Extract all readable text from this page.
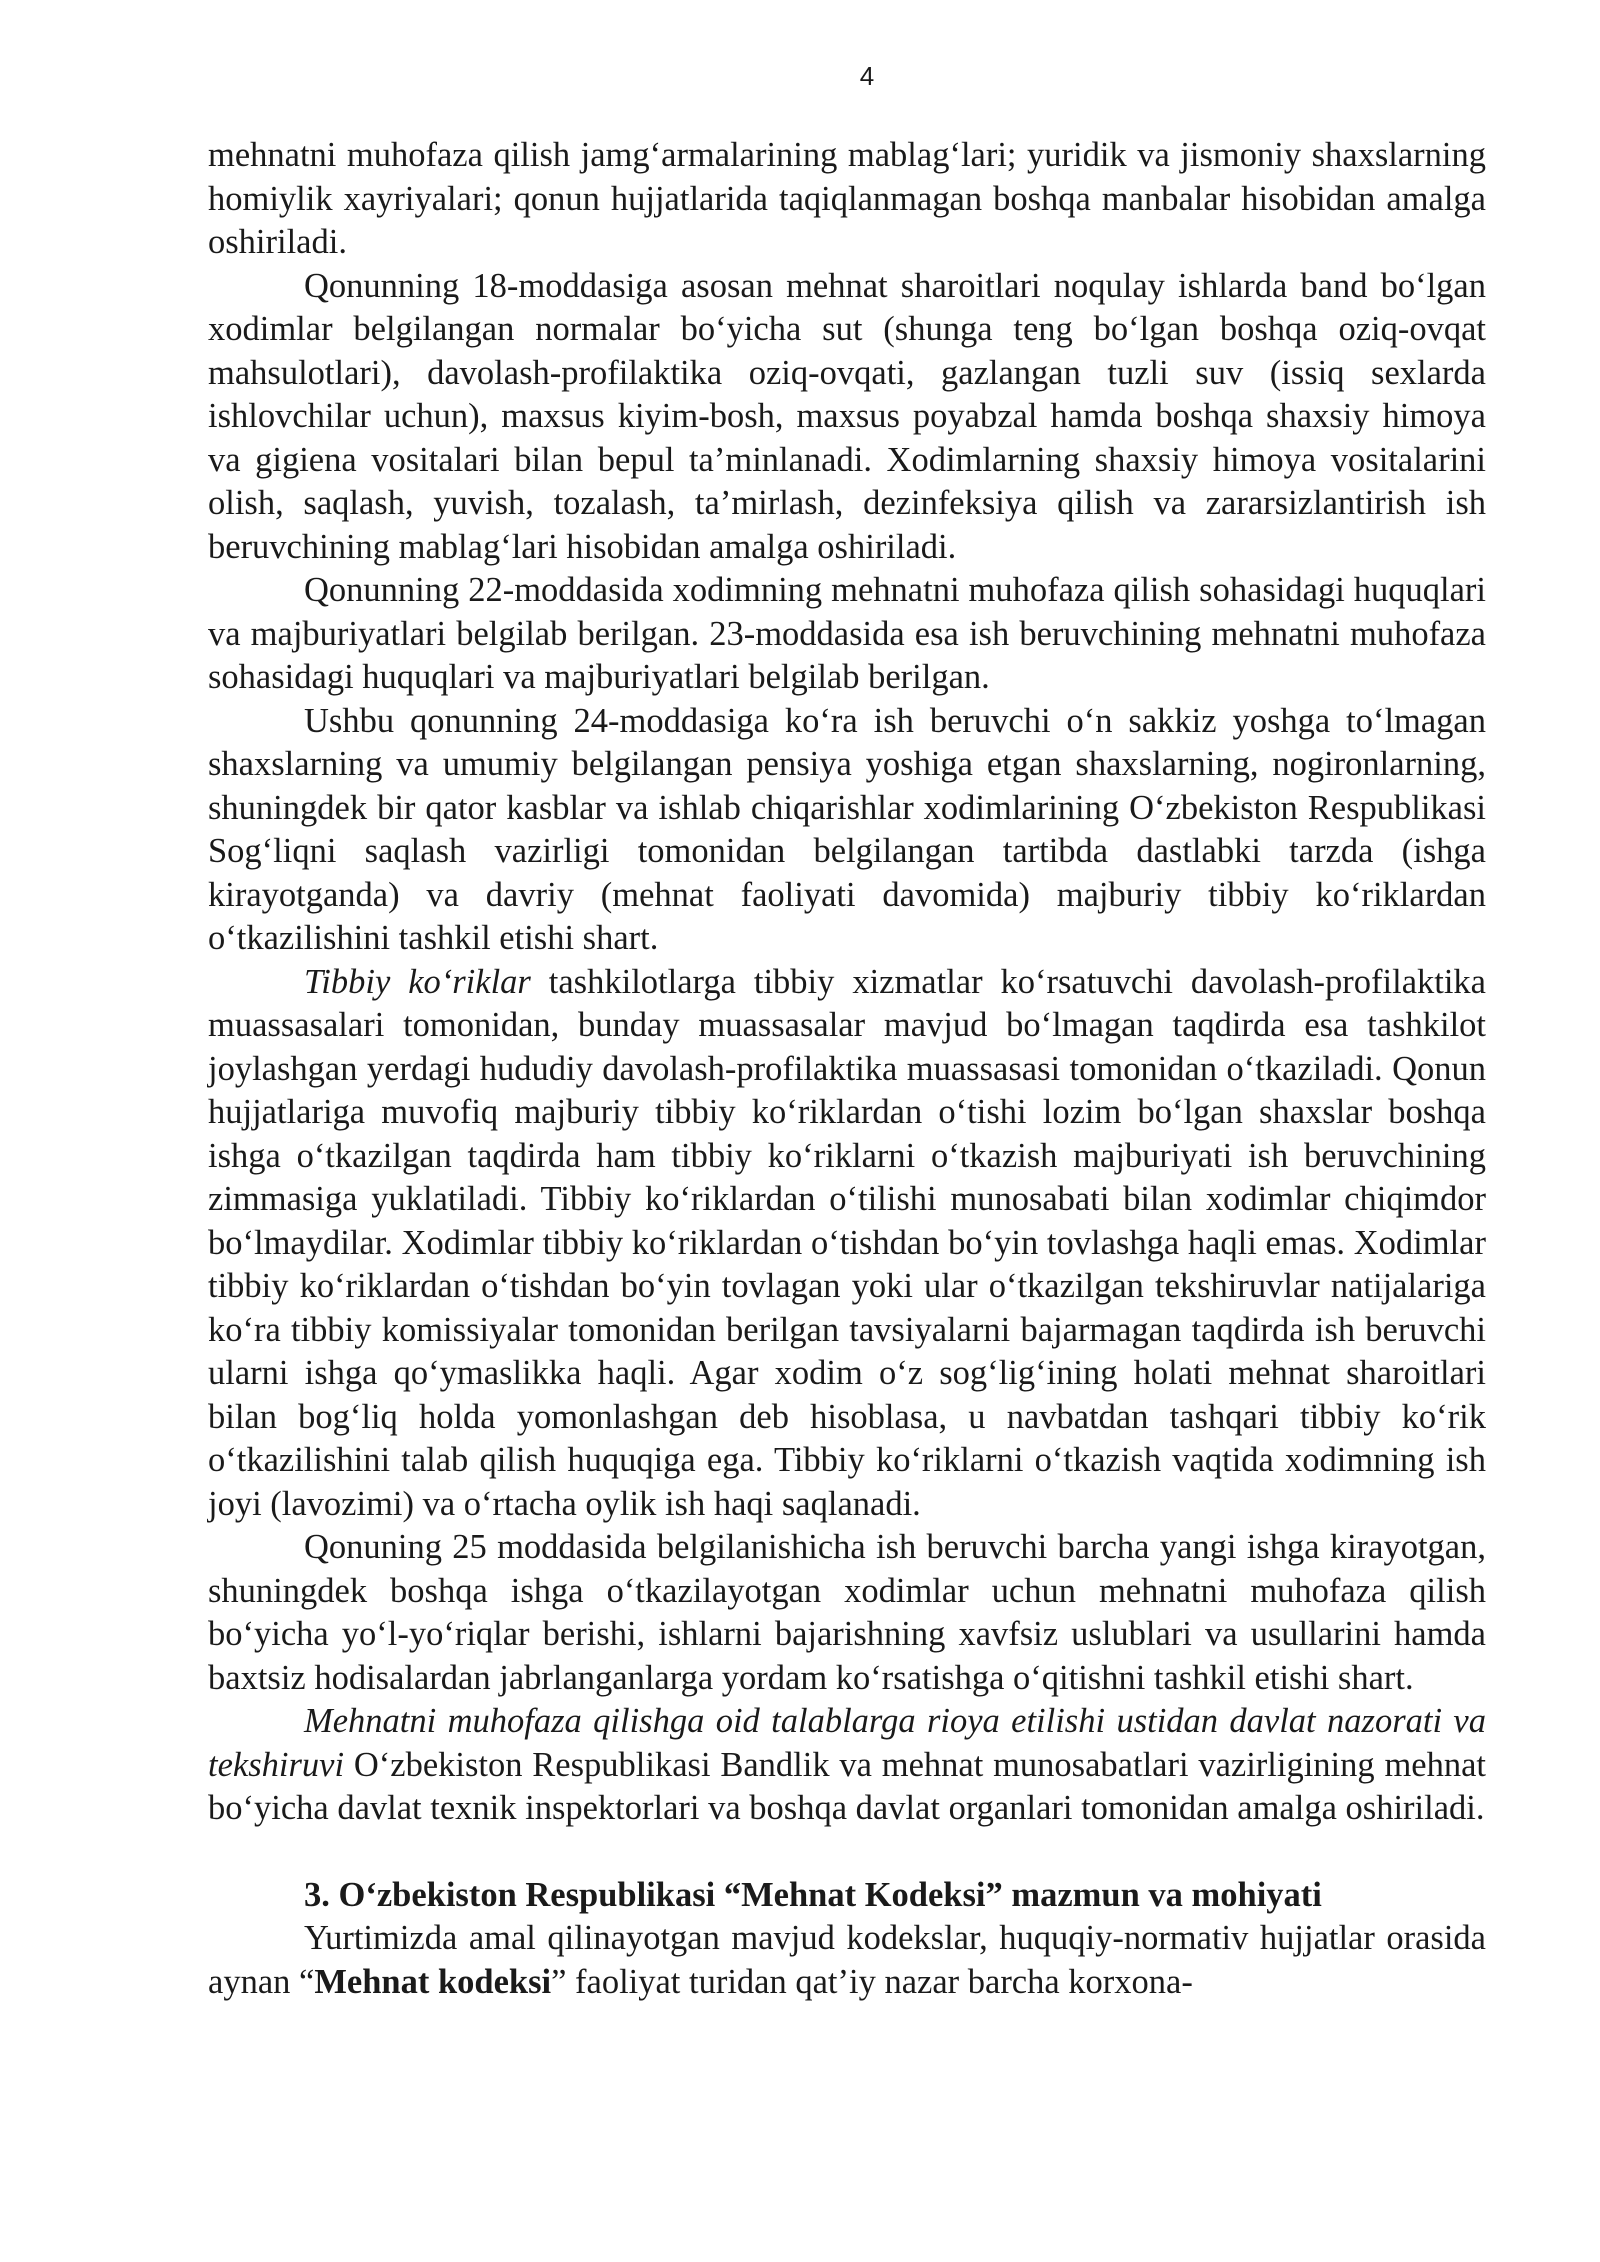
4

mehnatni muhofaza qilish jamg‘armalarining mablag‘lari; yuridik va jismoniy shaxslarning homiylik xayriyalari; qonun hujjatlarida taqiqlanmagan boshqa manbalar hisobidan amalga oshiriladi.

Qonunning 18-moddasiga asosan mehnat sharoitlari noqulay ishlarda band bo‘lgan xodimlar belgilangan normalar bo‘yicha sut (shunga teng bo‘lgan boshqa oziq-ovqat mahsulotlari), davolash-profilaktika oziq-ovqati, gazlangan tuzli suv (issiq sexlarda ishlovchilar uchun), maxsus kiyim-bosh, maxsus poyabzal hamda boshqa shaxsiy himoya va gigiena vositalari bilan bepul ta’minlanadi. Xodimlarning shaxsiy himoya vositalarini olish, saqlash, yuvish, tozalash, ta’mirlash, dezinfeksiya qilish va zararsizlantirish ish beruvchining mablag‘lari hisobidan amalga oshiriladi.

Qonunning 22-moddasida xodimning mehnatni muhofaza qilish sohasidagi huquqlari va majburiyatlari belgilab berilgan. 23-moddasida esa ish beruvchining mehnatni muhofaza sohasidagi huquqlari va majburiyatlari belgilab berilgan.

Ushbu qonunning 24-moddasiga ko‘ra ish beruvchi o‘n sakkiz yoshga to‘lmagan shaxslarning va umumiy belgilangan pensiya yoshiga etgan shaxslarning, nogironlarning, shuningdek bir qator kasblar va ishlab chiqarishlar xodimlarining O‘zbekiston Respublikasi Sog‘liqni saqlash vazirligi tomonidan belgilangan tartibda dastlabki tarzda (ishga kirayotganda) va davriy (mehnat faoliyati davomida) majburiy tibbiy ko‘riklardan o‘tkazilishini tashkil etishi shart.

Tibbiy ko‘riklar tashkilotlarga tibbiy xizmatlar ko‘rsatuvchi davolash-profilaktika muassasalari tomonidan, bunday muassasalar mavjud bo‘lmagan taqdirda esa tashkilot joylashgan yerdagi hududiy davolash-profilaktika muassasasi tomonidan o‘tkaziladi. Qonun hujjatlariga muvofiq majburiy tibbiy ko‘riklardan o‘tishi lozim bo‘lgan shaxslar boshqa ishga o‘tkazilgan taqdirda ham tibbiy ko‘riklarni o‘tkazish majburiyati ish beruvchining zimmasiga yuklatiladi. Tibbiy ko‘riklardan o‘tilishi munosabati bilan xodimlar chiqimdor bo‘lmaydilar. Xodimlar tibbiy ko‘riklardan o‘tishdan bo‘yin tovlashga haqli emas. Xodimlar tibbiy ko‘riklardan o‘tishdan bo‘yin tovlagan yoki ular o‘tkazilgan tekshiruvlar natijalariga ko‘ra tibbiy komissiyalar tomonidan berilgan tavsiyalarni bajarmagan taqdirda ish beruvchi ularni ishga qo‘ymaslikka haqli. Agar xodim o‘z sog‘lig‘ining holati mehnat sharoitlari bilan bog‘liq holda yomonlashgan deb hisoblasa, u navbatdan tashqari tibbiy ko‘rik o‘tkazilishini talab qilish huquqiga ega. Tibbiy ko‘riklarni o‘tkazish vaqtida xodimning ish joyi (lavozimi) va o‘rtacha oylik ish haqi saqlanadi.

Qonuning 25 moddasida belgilanishicha ish beruvchi barcha yangi ishga kirayotgan, shuningdek boshqa ishga o‘tkazilayotgan xodimlar uchun mehnatni muhofaza qilish bo‘yicha yo‘l-yo‘riqlar berishi, ishlarni bajarishning xavfsiz uslublari va usullarini hamda baxtsiz hodisalardan jabrlanganlarga yordam ko‘rsatishga o‘qitishni tashkil etishi shart.

Mehnatni muhofaza qilishga oid talablarga rioya etilishi ustidan davlat nazorati va tekshiruvi O‘zbekiston Respublikasi Bandlik va mehnat munosabatlari vazirligining mehnat bo‘yicha davlat texnik inspektorlari va boshqa davlat organlari tomonidan amalga oshiriladi.

3. O‘zbekiston Respublikasi “Mehnat Kodeksi” mazmun va mohiyati

Yurtimizda amal qilinayotgan mavjud kodekslar, huquqiy-normativ hujjatlar orasida aynan “Mehnat kodeksi” faoliyat turidan qat’iy nazar barcha korxona-
